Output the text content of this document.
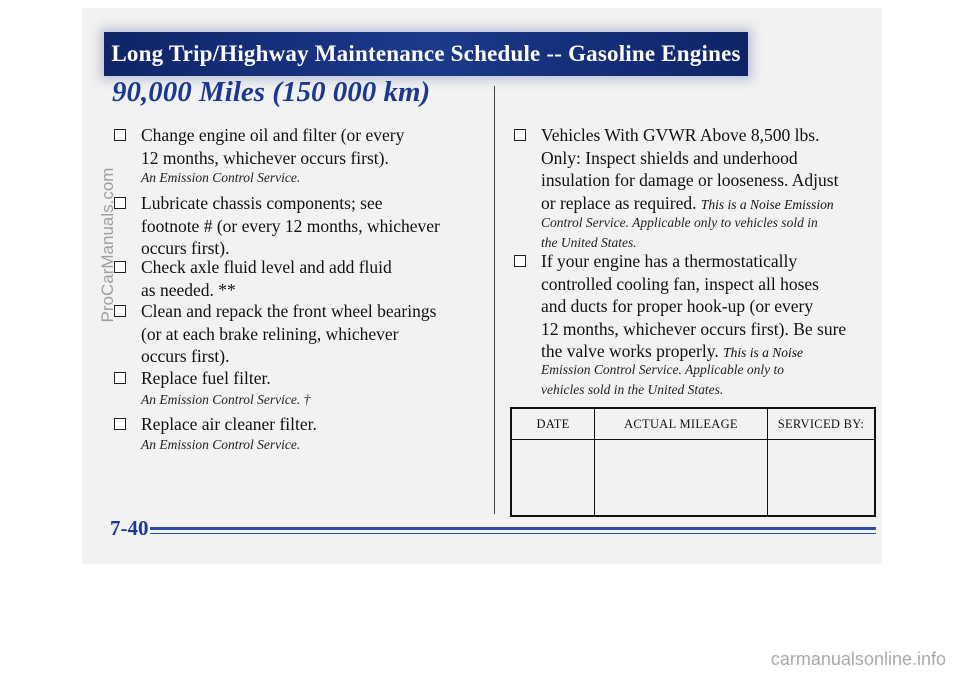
Long Trip/Highway Maintenance Schedule -- Gasoline Engines
90,000 Miles (150 000 km)
Change engine oil and filter (or every
12 months, whichever occurs first).
An Emission Control Service.
Lubricate chassis components; see
footnote # (or every 12 months, whichever
occurs first).
Check axle fluid level and add fluid
as needed. **
Clean and repack the front wheel bearings
(or at each brake relining, whichever
occurs first).
Replace fuel filter.
An Emission Control Service. †
Replace air cleaner filter.
An Emission Control Service.
Vehicles With GVWR Above 8,500 lbs.
Only: Inspect shields and underhood
insulation for damage or looseness. Adjust
or replace as required. This is a Noise Emission
Control Service. Applicable only to vehicles sold in
the United States.
If your engine has a thermostatically
controlled cooling fan, inspect all hoses
and ducts for proper hook-up (or every
12 months, whichever occurs first). Be sure
the valve works properly. This is a Noise
Emission Control Service. Applicable only to
vehicles sold in the United States.
DATE	ACTUAL MILEAGE	SERVICED BY:

7-40
ProCarManuals.com
carmanualsonline.info
